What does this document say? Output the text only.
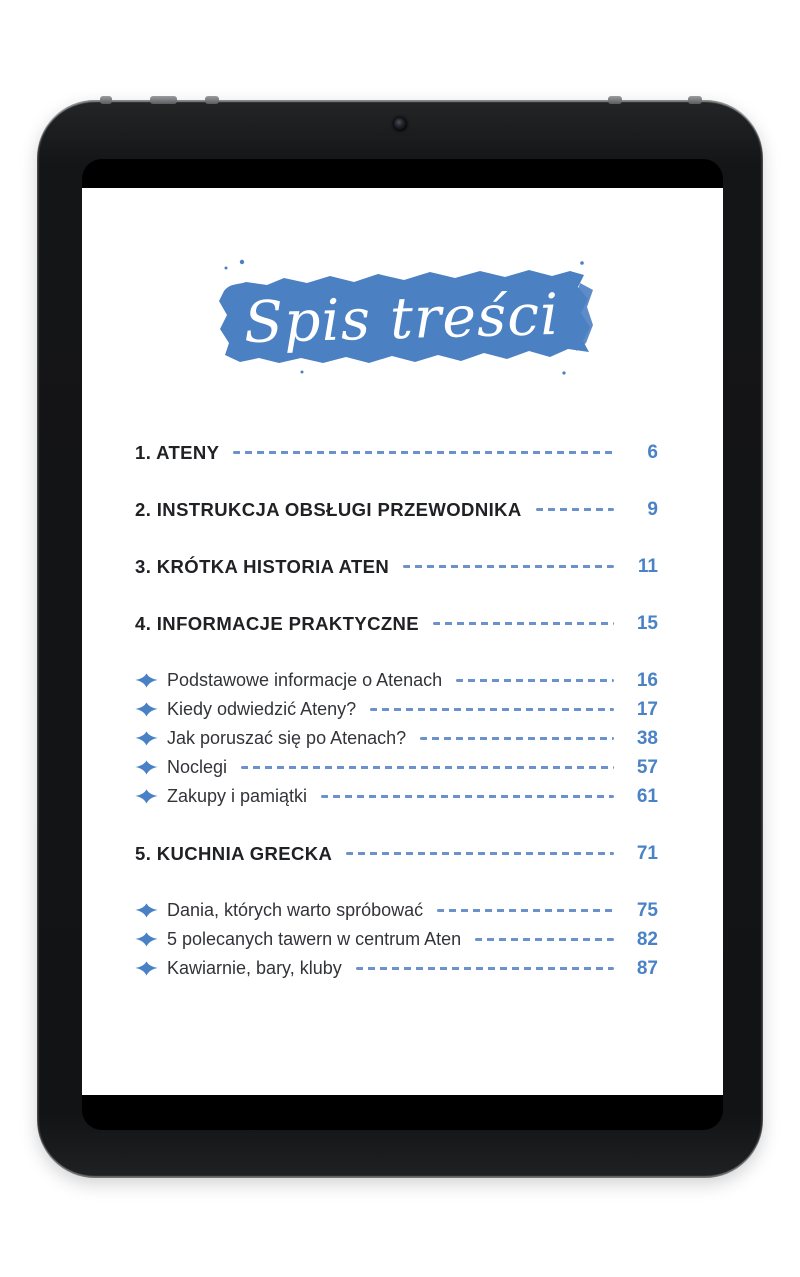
Spis treści
1. ATENY	6
2. INSTRUKCJA OBSŁUGI PRZEWODNIKA	9
3. KRÓTKA HISTORIA ATEN	11
4. INFORMACJE PRAKTYCZNE	15
Podstawowe informacje o Atenach	16
Kiedy odwiedzić Ateny?	17
Jak poruszać się po Atenach?	38
Noclegi	57
Zakupy i pamiątki	61
5. KUCHNIA GRECKA	71
Dania, których warto spróbować	75
5 polecanych tawern w centrum Aten	82
Kawiarnie, bary, kluby	87
